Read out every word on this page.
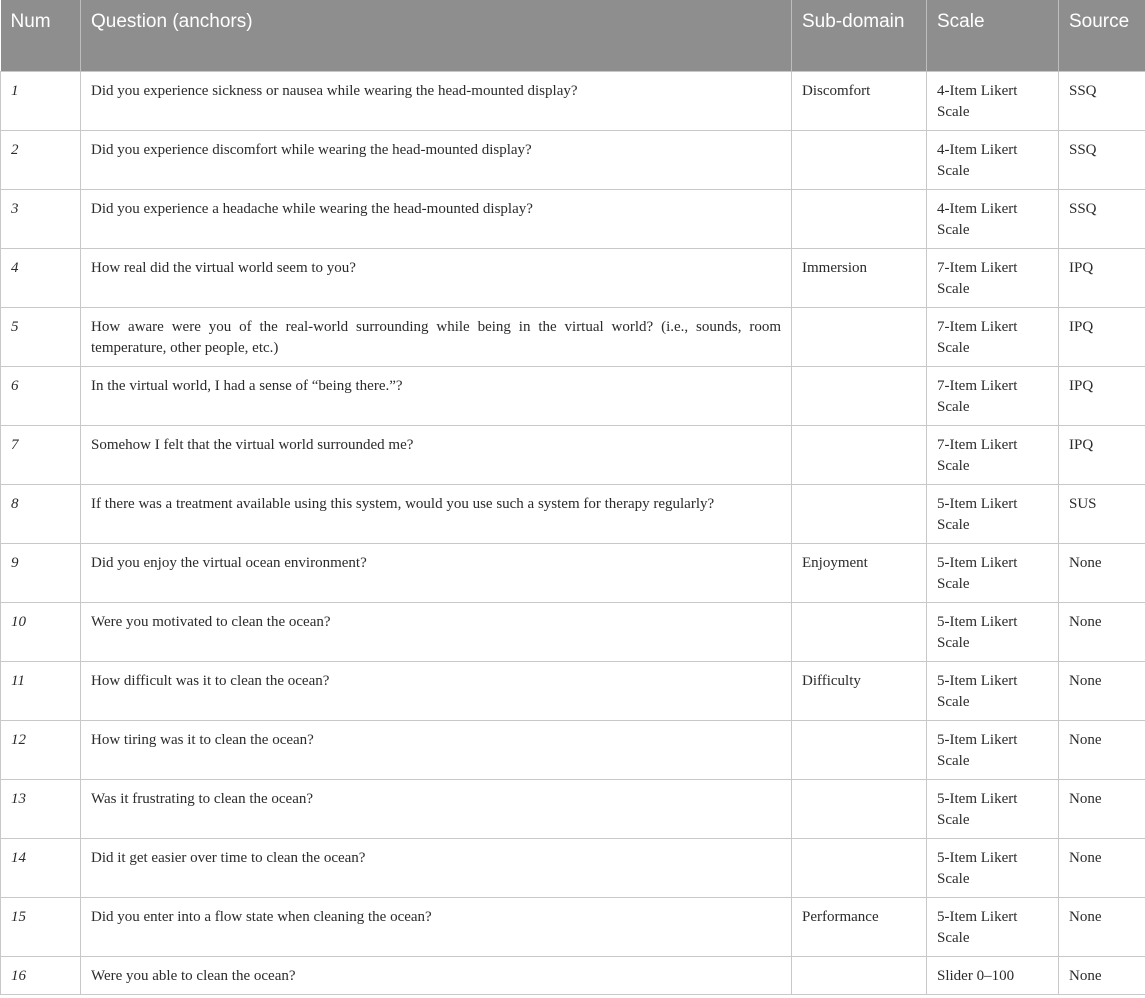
Num	Question (anchors)	Sub-domain	Scale	Source
1	Did you experience sickness or nausea while wearing the head-mounted display?	Discomfort	4-Item Likert Scale	SSQ
2	Did you experience discomfort while wearing the head-mounted display?		4-Item Likert Scale	SSQ
3	Did you experience a headache while wearing the head-mounted display?		4-Item Likert Scale	SSQ
4	How real did the virtual world seem to you?	Immersion	7-Item Likert Scale	IPQ
5	How aware were you of the real-world surrounding while being in the virtual world? (i.e., sounds, room temperature, other people, etc.)		7-Item Likert Scale	IPQ
6	In the virtual world, I had a sense of “being there.”?		7-Item Likert Scale	IPQ
7	Somehow I felt that the virtual world surrounded me?		7-Item Likert Scale	IPQ
8	If there was a treatment available using this system, would you use such a system for therapy regularly?		5-Item Likert Scale	SUS
9	Did you enjoy the virtual ocean environment?	Enjoyment	5-Item Likert Scale	None
10	Were you motivated to clean the ocean?		5-Item Likert Scale	None
11	How difficult was it to clean the ocean?	Difficulty	5-Item Likert Scale	None
12	How tiring was it to clean the ocean?		5-Item Likert Scale	None
13	Was it frustrating to clean the ocean?		5-Item Likert Scale	None
14	Did it get easier over time to clean the ocean?		5-Item Likert Scale	None
15	Did you enter into a flow state when cleaning the ocean?	Performance	5-Item Likert Scale	None
16	Were you able to clean the ocean?		Slider 0–100	None
